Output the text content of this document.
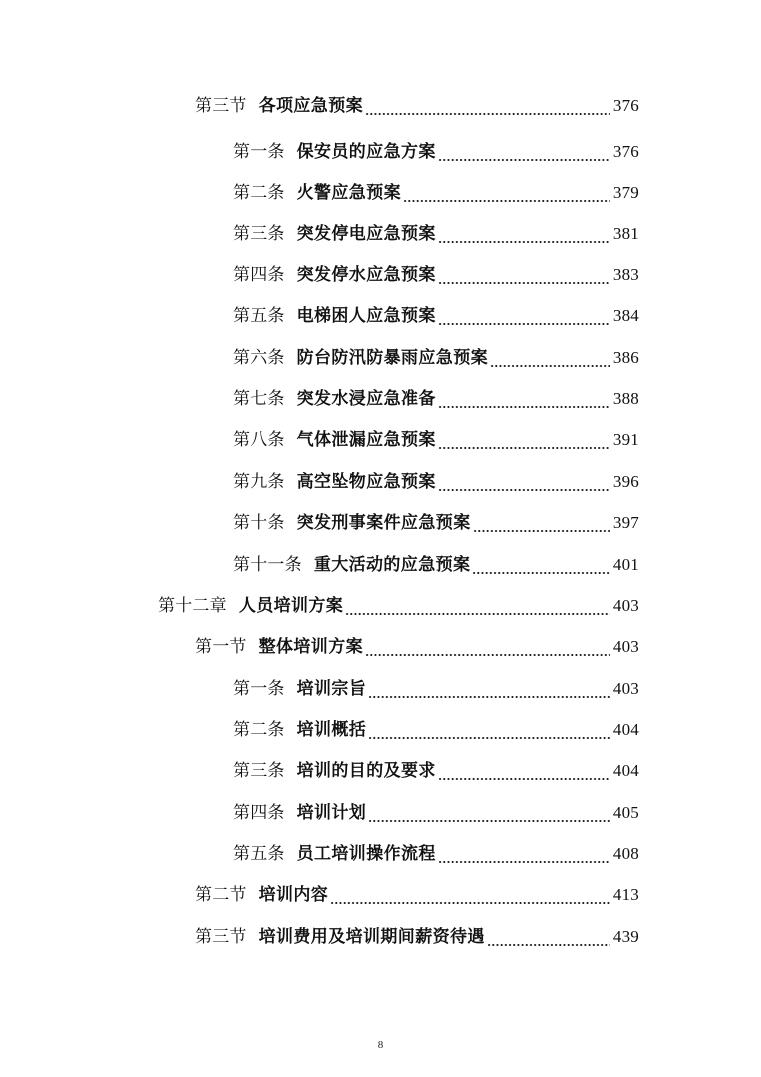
第三节 各项应急预案	376
第一条 保安员的应急方案	376
第二条 火警应急预案	379
第三条 突发停电应急预案	381
第四条 突发停水应急预案	383
第五条 电梯困人应急预案	384
第六条 防台防汛防暴雨应急预案	386
第七条 突发水浸应急准备	388
第八条 气体泄漏应急预案	391
第九条 高空坠物应急预案	396
第十条 突发刑事案件应急预案	397
第十一条 重大活动的应急预案	401
第十二章 人员培训方案	403
第一节 整体培训方案	403
第一条 培训宗旨	403
第二条 培训概括	404
第三条 培训的目的及要求	404
第四条 培训计划	405
第五条 员工培训操作流程	408
第二节 培训内容	413
第三节 培训费用及培训期间薪资待遇	439
8
